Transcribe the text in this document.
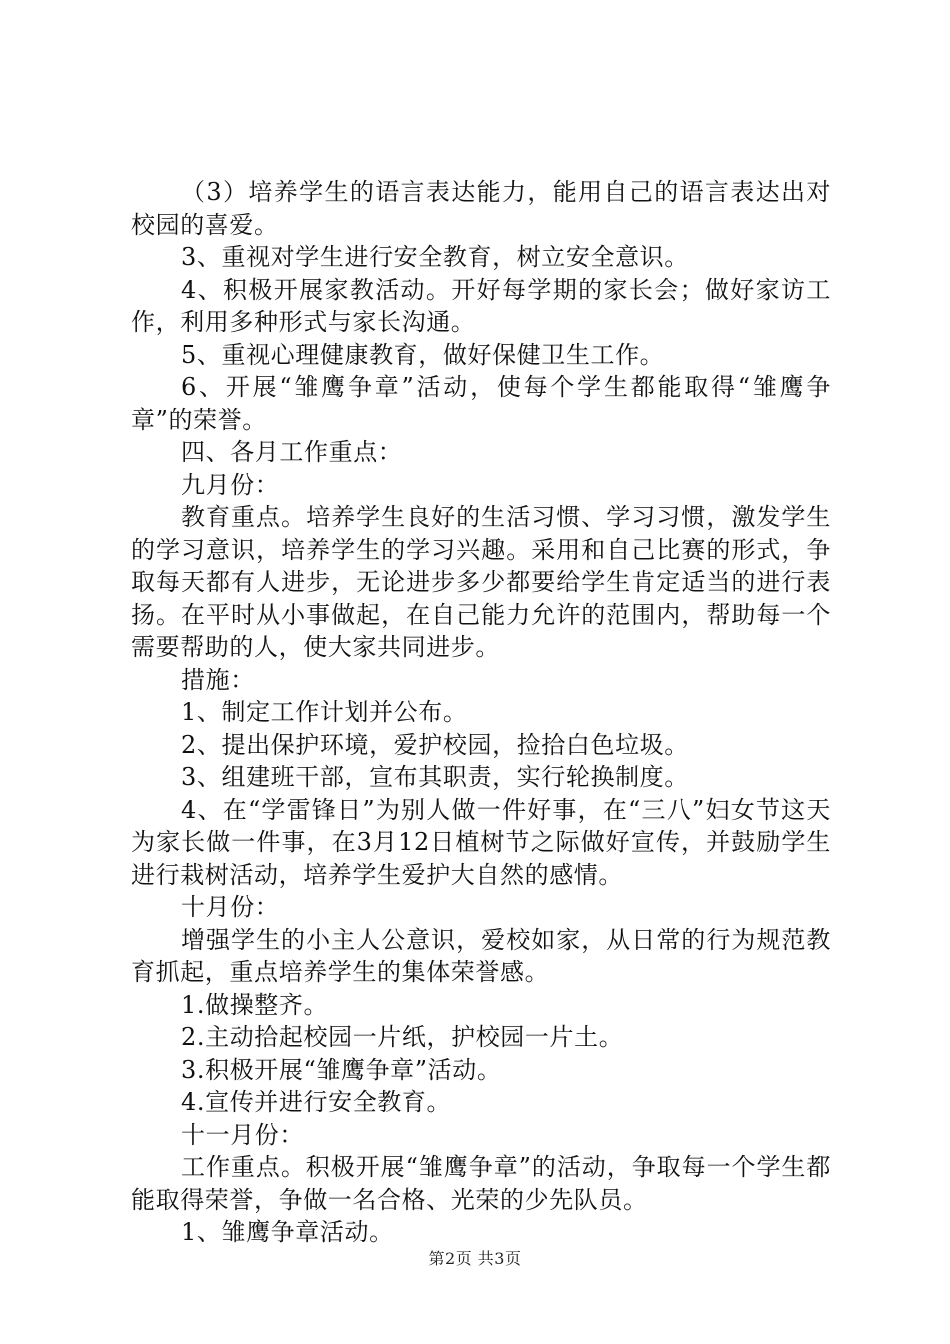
（3）培养学生的语言表达能力，能用自己的语言表达出对校园的喜爱。

3、重视对学生进行安全教育，树立安全意识。

4、积极开展家教活动。开好每学期的家长会；做好家访工作，利用多种形式与家长沟通。

5、重视心理健康教育，做好保健卫生工作。

6、开展“雏鹰争章”活动，使每个学生都能取得“雏鹰争章”的荣誉。

四、各月工作重点：

九月份：

教育重点。培养学生良好的生活习惯、学习习惯，激发学生的学习意识，培养学生的学习兴趣。采用和自己比赛的形式，争取每天都有人进步，无论进步多少都要给学生肯定适当的进行表扬。在平时从小事做起，在自己能力允许的范围内，帮助每一个需要帮助的人，使大家共同进步。

措施：

1、制定工作计划并公布。

2、提出保护环境，爱护校园，捡拾白色垃圾。

3、组建班干部，宣布其职责，实行轮换制度。

4、在“学雷锋日”为别人做一件好事，在“三八”妇女节这天为家长做一件事，在3月12日植树节之际做好宣传，并鼓励学生进行栽树活动，培养学生爱护大自然的感情。

十月份：

增强学生的小主人公意识，爱校如家，从日常的行为规范教育抓起，重点培养学生的集体荣誉感。

1.做操整齐。

2.主动拾起校园一片纸，护校园一片土。

3.积极开展“雏鹰争章”活动。

4.宣传并进行安全教育。

十一月份：

工作重点。积极开展“雏鹰争章”的活动，争取每一个学生都能取得荣誉，争做一名合格、光荣的少先队员。

1、雏鹰争章活动。

第2页 共3页
